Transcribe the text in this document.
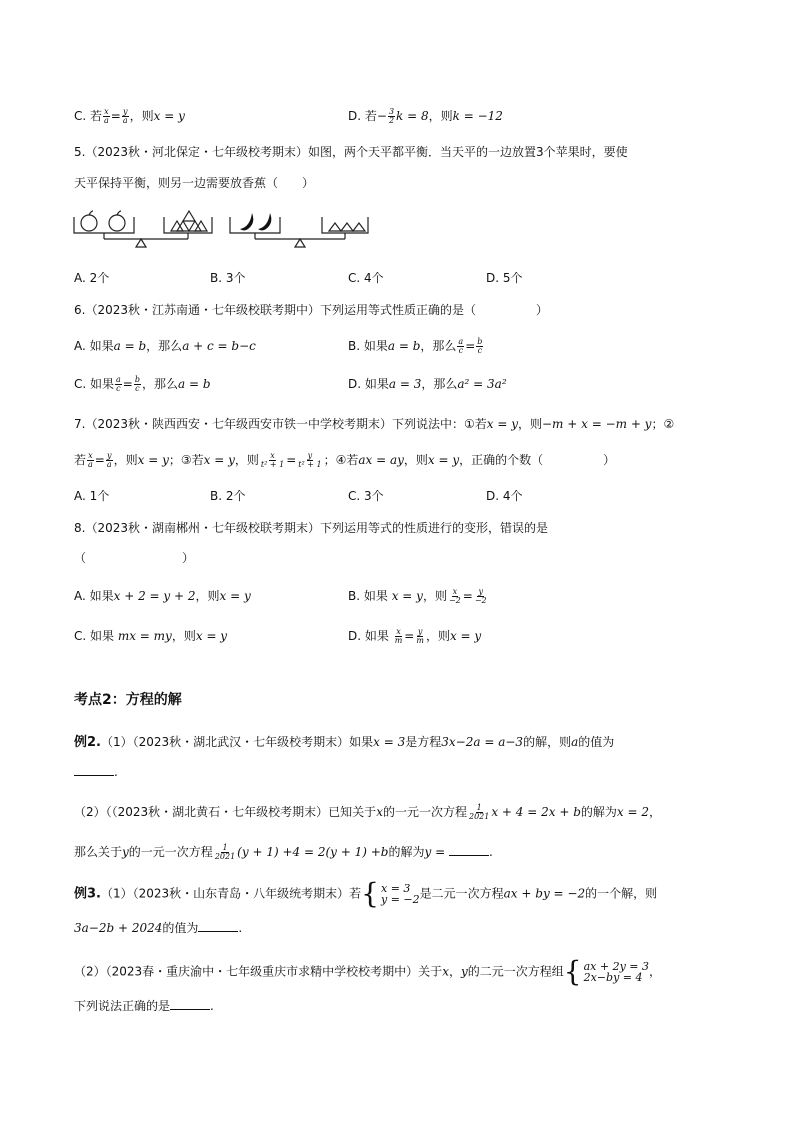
C. 若 $\frac{x}{a} = \frac{y}{a}$ ，则x = y	D. 若− $\frac{3}{2}$ k = 8，则k = −12
5.（2023秋・河北保定・七年级校考期末）如图，两个天平都平衡．当天平的一边放置3个苹果时，要使
天平保持平衡，则另一边需要放香蕉（　　）
A. 2个	B. 3个	C. 4个	D. 5个
6.（2023秋・江苏南通・七年级校联考期中）下列运用等式性质正确的是（　　　　　）
A. 如果a = b，那么a + c = b−c	B. 如果a = b，那么 $\frac{a}{c} = \frac{b}{c}$
C. 如果 $\frac{a}{c} = \frac{b}{c}$ ，那么a = b	D. 如果a = 3，那么a² = 3a²
7.（2023秋・陕西西安・七年级西安市铁一中学校考期末）下列说法中：①若x = y，则−m + x = −m + y；②
若 $\frac{x}{a} = \frac{y}{a}$ ，则x = y；③若x = y，则 $\frac{x}{\text{t² + 1}} = \frac{y}{\text{t² + 1}}$ ；④若ax = ay，则x = y，正确的个数（　　　　　）
A. 1个	B. 2个	C. 3个	D. 4个
8.（2023秋・湖南郴州・七年级校联考期末）下列运用等式的性质进行的变形，错误的是
（　　　　　　　　）
A. 如果x + 2 = y + 2，则x = y	B. 如果 x = y，则 $\frac{x}{-2} = \frac{y}{-2}$
C. 如果 mx = my，则x = y	D. 如果 $\frac{x}{m} = \frac{y}{m}$ ，则x = y
考点2：方程的解
例2.（1）（2023秋・湖北武汉・七年级校考期末）如果x = 3是方程3x−2a = a−3的解，则a的值为
.
（2）（（2023秋・湖北黄石・七年级校考期末）已知关于x的一元一次方程 $\frac{1}{2021}$ x + 4 = 2x + b的解为x = 2，
那么关于y的一元一次方程 $\frac{1}{2021} (y + 1) +4 = 2(y + 1) +b$的解为y =	.
例3.（1）（2023秋・山东青岛・八年级统考期末）若 { x = 3
y = −2 是二元一次方程ax + by = −2的一个解，则
3a−2b + 2024的值为	.
（2）（2023春・重庆渝中・七年级重庆市求精中学校校考期中）关于x，y的二元一次方程组 { ax + 2y = 3
2x−by = 4 ，
下列说法正确的是	.
